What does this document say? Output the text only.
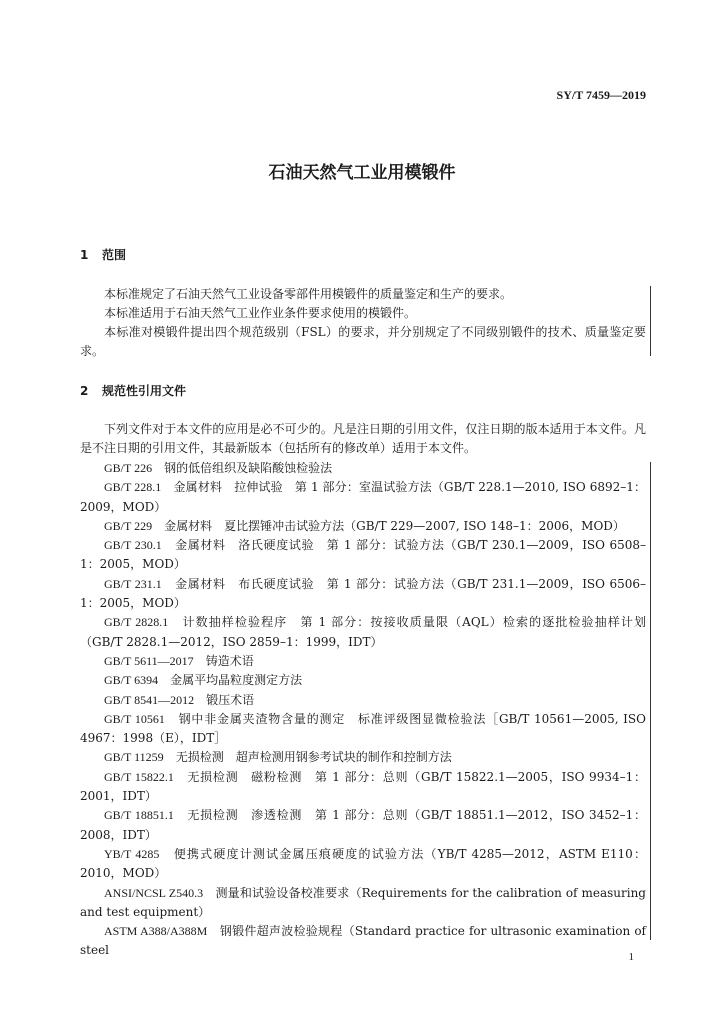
SY/T 7459—2019
石油天然气工业用模锻件
1 范围
本标准规定了石油天然气工业设备零部件用模锻件的质量鉴定和生产的要求。
本标准适用于石油天然气工业作业条件要求使用的模锻件。
本标准对模锻件提出四个规范级别（FSL）的要求，并分别规定了不同级别锻件的技术、质量鉴定要求。
2 规范性引用文件
下列文件对于本文件的应用是必不可少的。凡是注日期的引用文件，仅注日期的版本适用于本文件。凡是不注日期的引用文件，其最新版本（包括所有的修改单）适用于本文件。
GB/T 226　 钢的低倍组织及缺陷酸蚀检验法
GB/T 228.1　 金属材料　拉伸试验　第 1 部分：室温试验方法（GB/T 228.1—2010, ISO 6892–1：2009，MOD）
GB/T 229　 金属材料　夏比摆锤冲击试验方法（GB/T 229—2007, ISO 148–1：2006，MOD）
GB/T 230.1　 金属材料　洛氏硬度试验　第 1 部分：试验方法（GB/T 230.1—2009，ISO 6508–1：2005，MOD）
GB/T 231.1　 金属材料　布氏硬度试验　第 1 部分：试验方法（GB/T 231.1—2009，ISO 6506–1：2005，MOD）
GB/T 2828.1　 计数抽样检验程序　第 1 部分：按接收质量限（AQL）检索的逐批检验抽样计划（GB/T 2828.1—2012，ISO 2859–1：1999，IDT）
GB/T 5611—2017　 铸造术语
GB/T 6394　 金属平均晶粒度测定方法
GB/T 8541—2012　 锻压术语
GB/T 10561　 钢中非金属夹渣物含量的测定　标准评级图显微检验法［GB/T 10561—2005, ISO 4967：1998（E），IDT］
GB/T 11259　 无损检测　超声检测用钢参考试块的制作和控制方法
GB/T 15822.1　 无损检测　磁粉检测　第 1 部分：总则（GB/T 15822.1—2005，ISO 9934–1：2001，IDT）
GB/T 18851.1　 无损检测　渗透检测　第 1 部分：总则（GB/T 18851.1—2012，ISO 3452–1：2008，IDT）
YB/T 4285　 便携式硬度计测试金属压痕硬度的试验方法（YB/T 4285—2012，ASTM E110：2010，MOD）
ANSI/NCSL Z540.3　 测量和试验设备校准要求（Requirements for the calibration of measuring and test equipment）
ASTM A388/A388M　 钢锻件超声波检验规程（Standard practice for ultrasonic examination of steel	1
